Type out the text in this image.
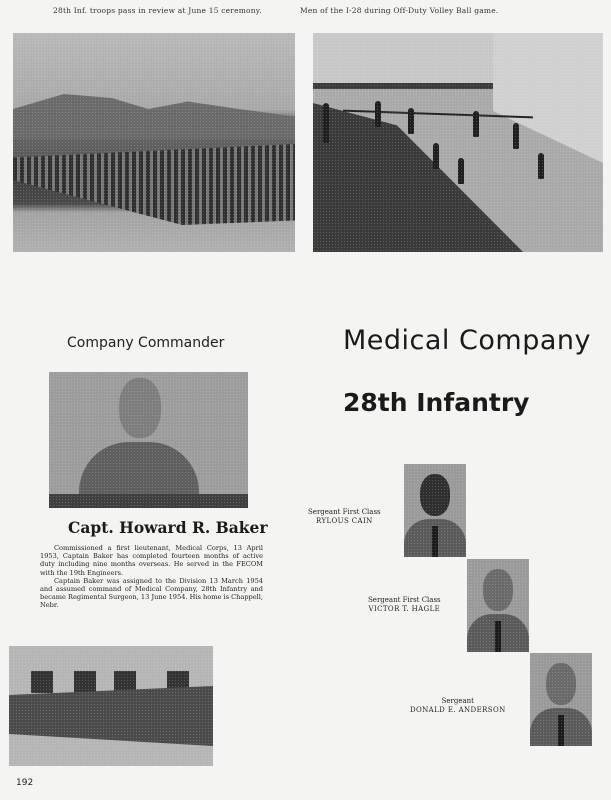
28th Inf. troops pass in review at June 15 ceremony.	Men of the I-28 during Off-Duty Volley Ball game.
Company Commander
Capt. Howard R. Baker

Commissioned a first lieutenant, Medical Corps, 13 April 1953, Captain Baker has completed fourteen months of active duty including nine months overseas. He served in the FECOM with the 19th Engineers.

Captain Baker was assigned to the Division 13 March 1954 and assumed command of Medical Company, 28th Infantry and became Regimental Surgeon, 13 June 1954. His home is Chappell, Nebr.

Medical Company
28th Infantry
Sergeant First Class
RYLOUS CAIN
Sergeant First Class
VICTOR T. HAGLE
Sergeant
DONALD E. ANDERSON
192
